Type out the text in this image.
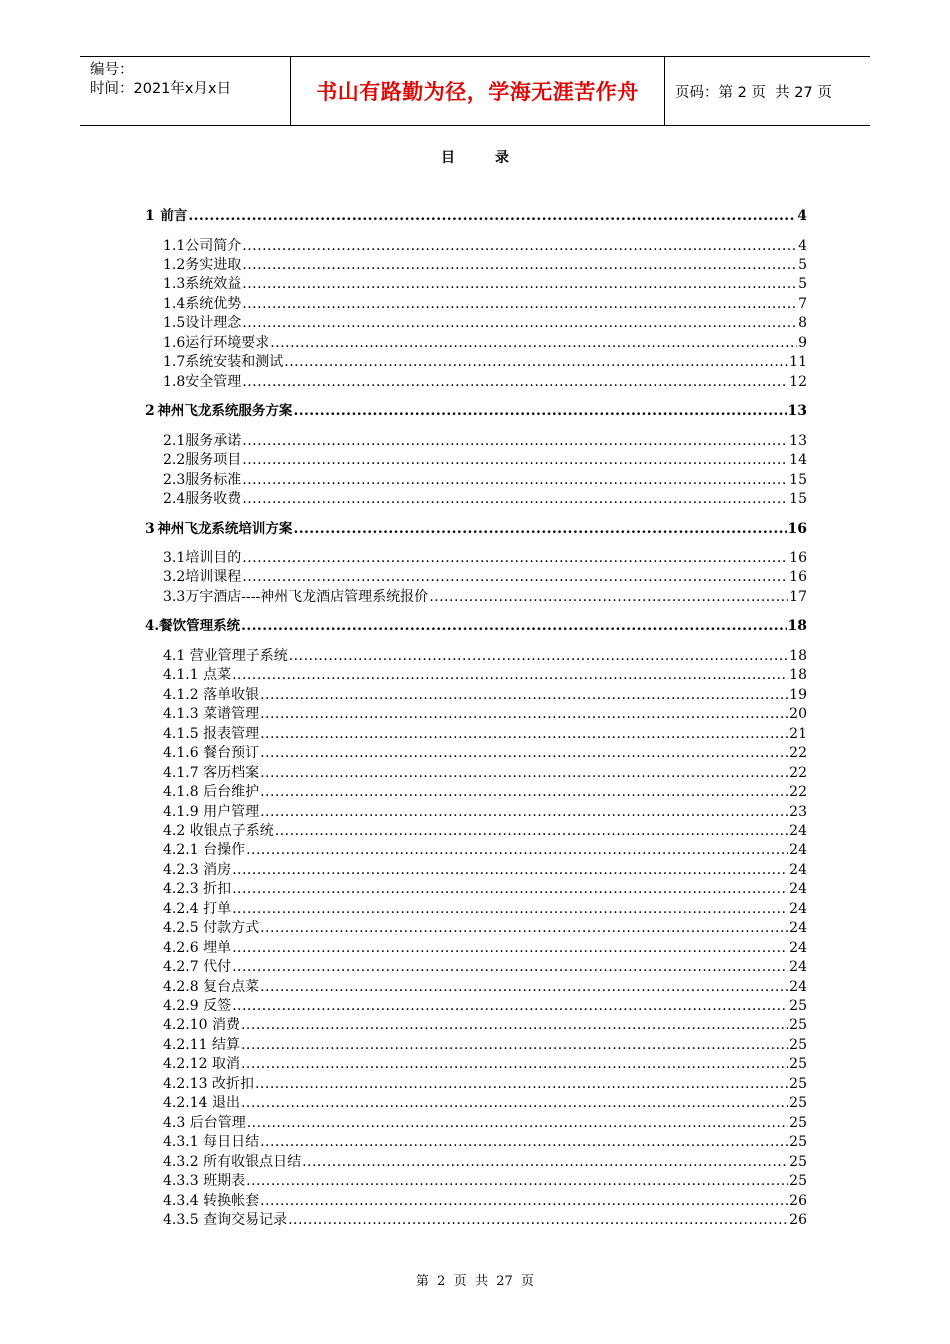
编号：
时间：2021年x月x日	书山有路勤为径，学海无涯苦作舟	页码：第 2 页  共 27 页
目录
1 前言 .....	4
1.1 公司简介 .....	4
1.2 务实进取 .....	5
1.3 系统效益 .....	5
1.4 系统优势 .....	7
1.5 设计理念 .....	8
1.6 运行环境要求 .....	9
1.7 系统安装和测试 .....	11
1.8 安全管理 .....	12
2 神州飞龙系统服务方案 .....	13
2.1 服务承诺 .....	13
2.2 服务项目 .....	14
2.3 服务标准 .....	15
2.4 服务收费 .....	15
3 神州飞龙系统培训方案 .....	16
3.1 培训目的 .....	16
3.2 培训课程 .....	16
3.3 万宇酒店----神州飞龙酒店管理系统报价 .....	17
4.餐饮管理系统 .....	18
4.1 营业管理子系统 .....	18
4.1.1 点菜 .....	18
4.1.2 落单收银 .....	19
4.1.3 菜谱管理 .....	20
4.1.5 报表管理 .....	21
4.1.6 餐台预订 .....	22
4.1.7 客历档案 .....	22
4.1.8 后台维护 .....	22
4.1.9 用户管理 .....	23
4.2 收银点子系统 .....	24
4.2.1 台操作 .....	24
4.2.3 消房 .....	24
4.2.3 折扣 .....	24
4.2.4 打单 .....	24
4.2.5 付款方式 .....	24
4.2.6 埋单 .....	24
4.2.7 代付 .....	24
4.2.8 复台点菜 .....	24
4.2.9 反签 .....	25
4.2.10 消费 .....	25
4.2.11 结算 .....	25
4.2.12 取消 .....	25
4.2.13 改折扣 .....	25
4.2.14 退出 .....	25
4.3 后台管理 .....	25
4.3.1 每日日结 .....	25
4.3.2 所有收银点日结 .....	25
4.3.3 班期表 .....	25
4.3.4 转换帐套 .....	26
4.3.5 查询交易记录 .....	26
第  2  页  共  27  页
